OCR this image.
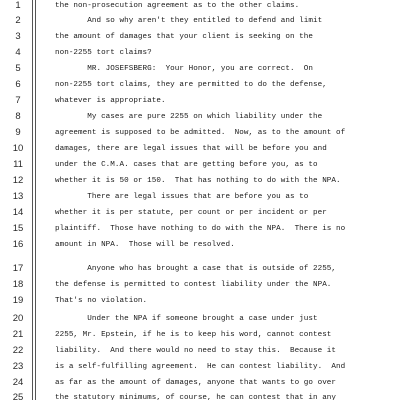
1	the non-prosecution agreement as to the other claims.
2	And so why aren't they entitled to defend and limit
3	the amount of damages that your client is seeking on the
4	non-2255 tort claims?
5	MR. JOSEFSBERG:  Your Honor, you are correct.  On
6	non-2255 tort claims, they are permitted to do the defense,
7	whatever is appropriate.
8	My cases are pure 2255 on which liability under the
9	agreement is supposed to be admitted.  Now, as to the amount of
10	damages, there are legal issues that will be before you and
11	under the C.M.A. cases that are getting before you, as to
12	whether it is 50 or 150.  That has nothing to do with the NPA.
13	There are legal issues that are before you as to
14	whether it is per statute, per count or per incident or per
15	plaintiff.  Those have nothing to do with the NPA.  There is no
16	amount in NPA.  Those will be resolved.
17	Anyone who has brought a case that is outside of 2255,
18	the defense is permitted to contest liability under the NPA.
19	That's no violation.
20	Under the NPA if someone brought a case under just
21	2255, Mr. Epstein, if he is to keep his word, cannot contest
22	liability.  And there would no need to stay this.  Because it
23	is a self-fulfilling agreement.  He can contest liability.  And
24	as far as the amount of damages, anyone that wants to go over
25	the statutory minimums, of course, he can contest that in any
